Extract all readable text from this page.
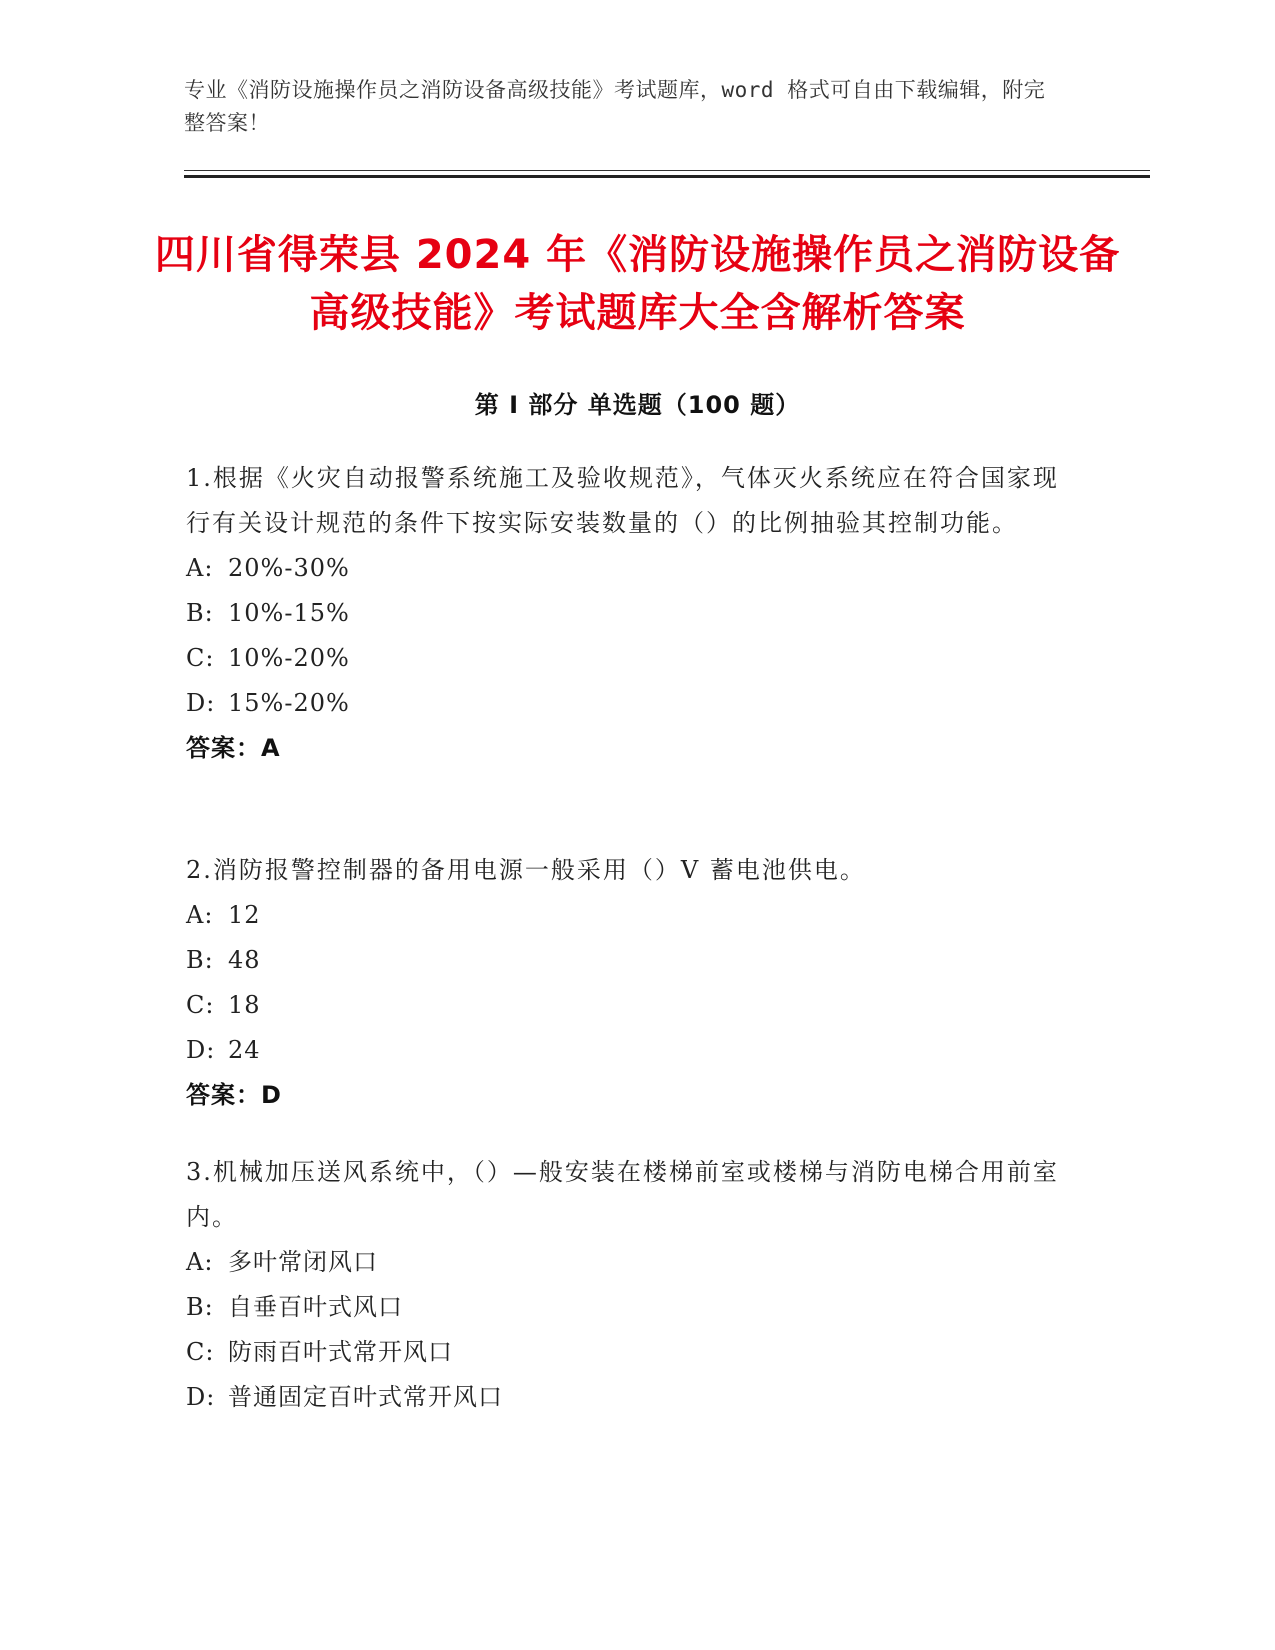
专业《消防设施操作员之消防设备高级技能》考试题库，word 格式可自由下载编辑，附完整答案！
四川省得荣县 2024 年《消防设施操作员之消防设备高级技能》考试题库大全含解析答案
第 I 部分 单选题（100 题）

1.根据《火灾自动报警系统施工及验收规范》，气体灭火系统应在符合国家现行有关设计规范的条件下按实际安装数量的（）的比例抽验其控制功能。

A: 20%-30%

B: 10%-15%

C: 10%-20%

D: 15%-20%

答案：A

2.消防报警控制器的备用电源一般采用（）V 蓄电池供电。

A: 12

B: 48

C: 18

D: 24

答案：D

3.机械加压送风系统中，（）—般安装在楼梯前室或楼梯与消防电梯合用前室内。

A: 多叶常闭风口

B: 自垂百叶式风口

C: 防雨百叶式常开风口

D: 普通固定百叶式常开风口
